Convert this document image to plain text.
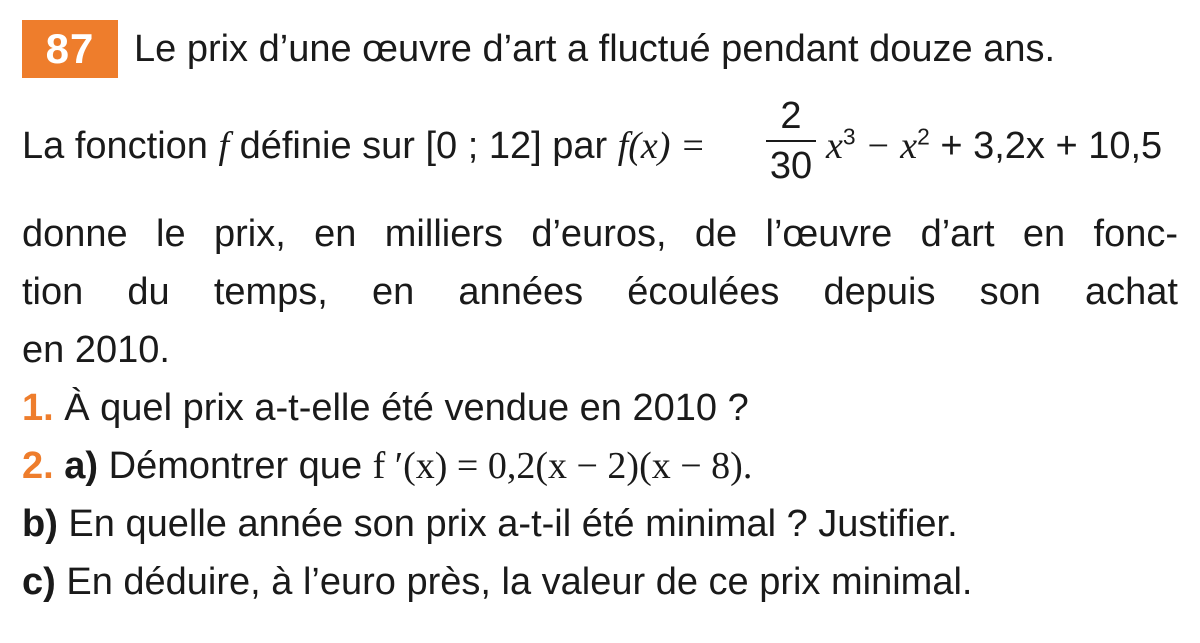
87	Le prix d’une œuvre d’art a fluctué pendant douze ans.
La fonction f définie sur [0 ; 12] par f(x) =
2
30 $x^3 - x^2 + 3,2x + 10,5$
donne le prix, en milliers d’euros, de l’œuvre d’art en fonc-
tion du temps, en années écoulées depuis son achat
en 2010.
1. À quel prix a-t-elle été vendue en 2010 ?
2. a) Démontrer que f ′(x) = 0,2(x − 2)(x − 8).
b) En quelle année son prix a-t-il été minimal ? Justifier.
c) En déduire, à l’euro près, la valeur de ce prix minimal.
